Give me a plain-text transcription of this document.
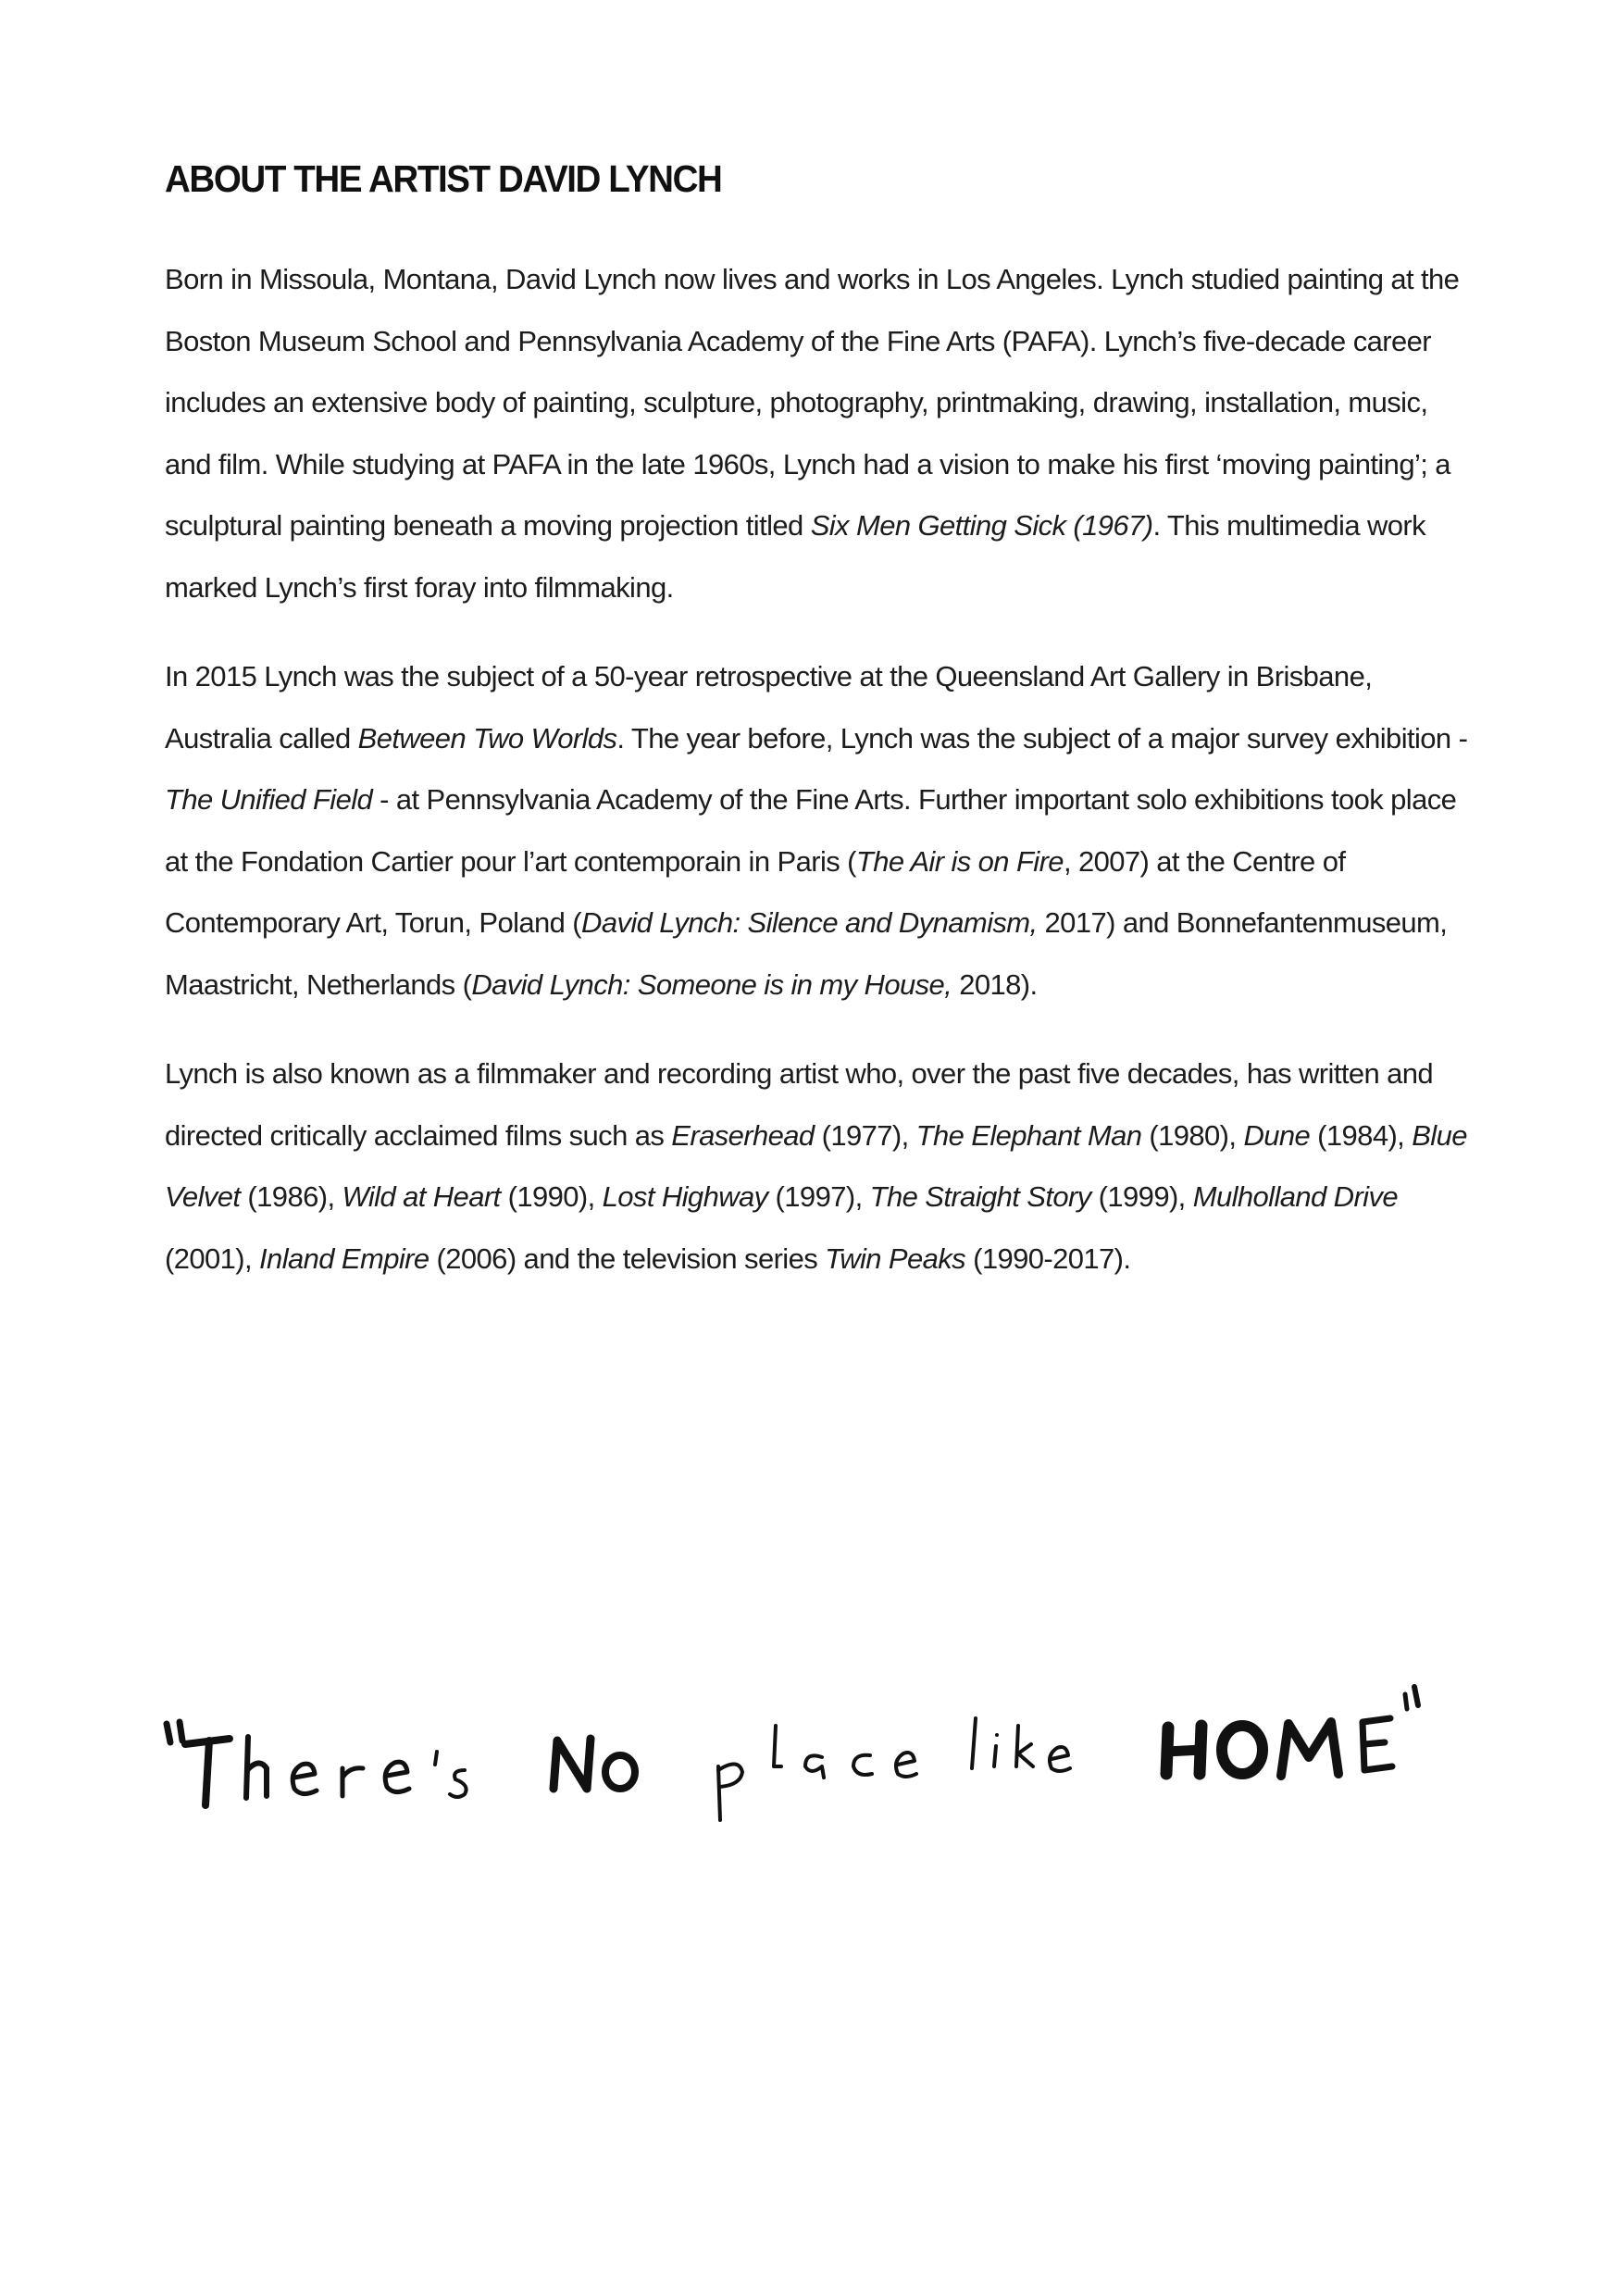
ABOUT THE ARTIST DAVID LYNCH

Born in Missoula, Montana, David Lynch now lives and works in Los Angeles. Lynch studied painting at the Boston Museum School and Pennsylvania Academy of the Fine Arts (PAFA). Lynch’s five-decade career includes an extensive body of painting, sculpture, photography, printmaking, drawing, installation, music, and film. While studying at PAFA in the late 1960s, Lynch had a vision to make his first ‘moving painting’; a sculptural painting beneath a moving projection titled Six Men Getting Sick (1967). This multimedia work marked Lynch’s first foray into filmmaking.

In 2015 Lynch was the subject of a 50-year retrospective at the Queensland Art Gallery in Brisbane, Australia called Between Two Worlds. The year before, Lynch was the subject of a major survey exhibition - The Unified Field - at Pennsylvania Academy of the Fine Arts. Further important solo exhibitions took place at the Fondation Cartier pour l’art contemporain in Paris (The Air is on Fire, 2007) at the Centre of Contemporary Art, Torun, Poland (David Lynch: Silence and Dynamism, 2017) and Bonnefantenmuseum, Maastricht, Netherlands (David Lynch: Someone is in my House, 2018).

Lynch is also known as a filmmaker and recording artist who, over the past five decades, has written and directed critically acclaimed films such as Eraserhead (1977), The Elephant Man (1980), Dune (1984), Blue Velvet (1986), Wild at Heart (1990), Lost Highway (1997), The Straight Story (1999), Mulholland Drive (2001), Inland Empire (2006) and the television series Twin Peaks (1990-2017).
